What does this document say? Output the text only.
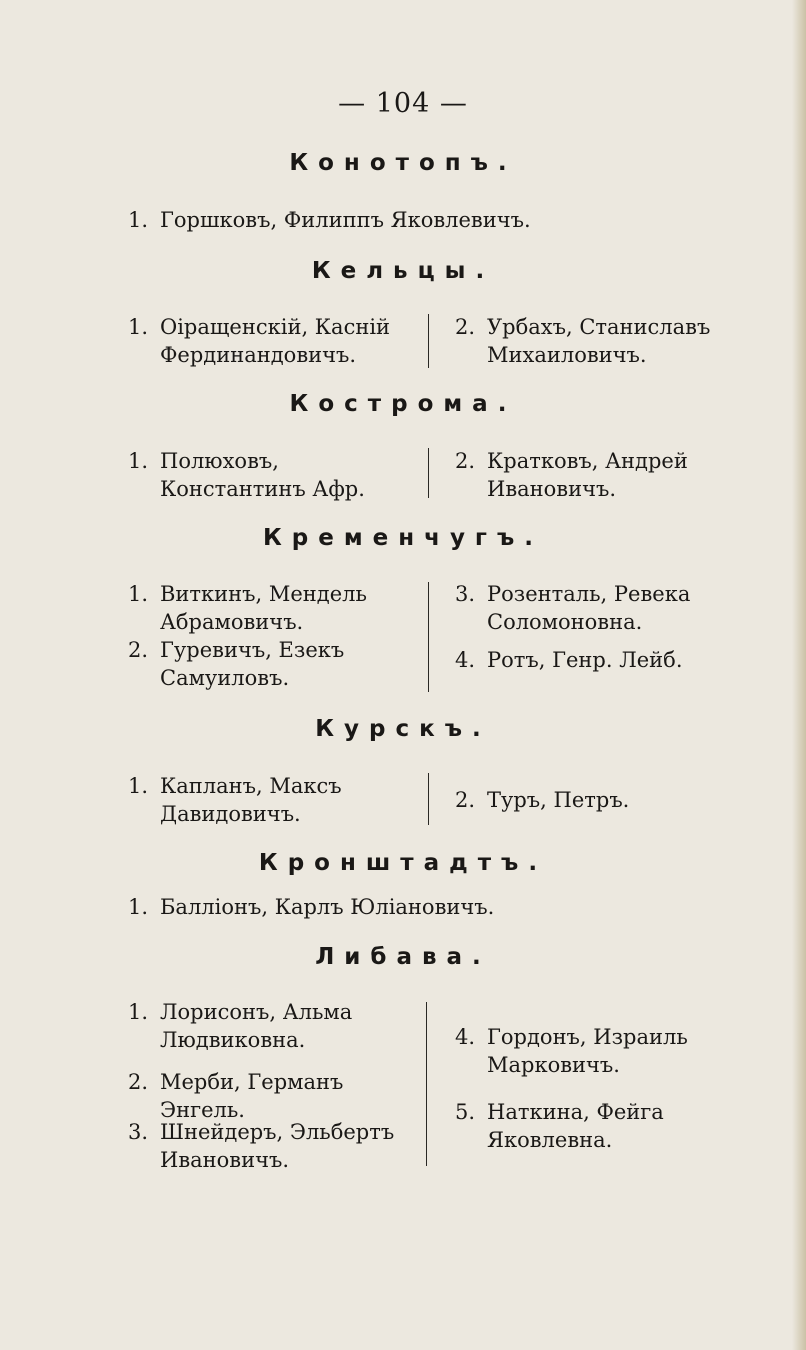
— 104 —
Конотопъ.
1. Горшковъ, Филиппъ Яковлевичъ.
Кельцы.
1. Оіращенскій, Касній Фердинандовичъ.
2. Урбахъ, Станиславъ Михаиловичъ.
Кострома.
1. Полюховъ, Константинъ Афр.
2. Кратковъ, Андрей Ивановичъ.
Кременчугъ.
1. Виткинъ, Мендель Абрамовичъ.
2. Гуревичъ, Езекъ Самуиловъ.
3. Розенталь, Ревека Соломоновна.
4. Ротъ, Генр. Лейб.
Курскъ.
1. Капланъ, Максъ Давидовичъ.
2. Туръ, Петръ.
Кронштадтъ.
1. Балліонъ, Карлъ Юліановичъ.
Либава.
1. Лорисонъ, Альма Людвиковна.
2. Мерби, Германъ Энгель.
3. Шнейдеръ, Эльбертъ Ивановичъ.
4. Гордонъ, Израиль Марковичъ.
5. Наткина, Фейга Яковлевна.
